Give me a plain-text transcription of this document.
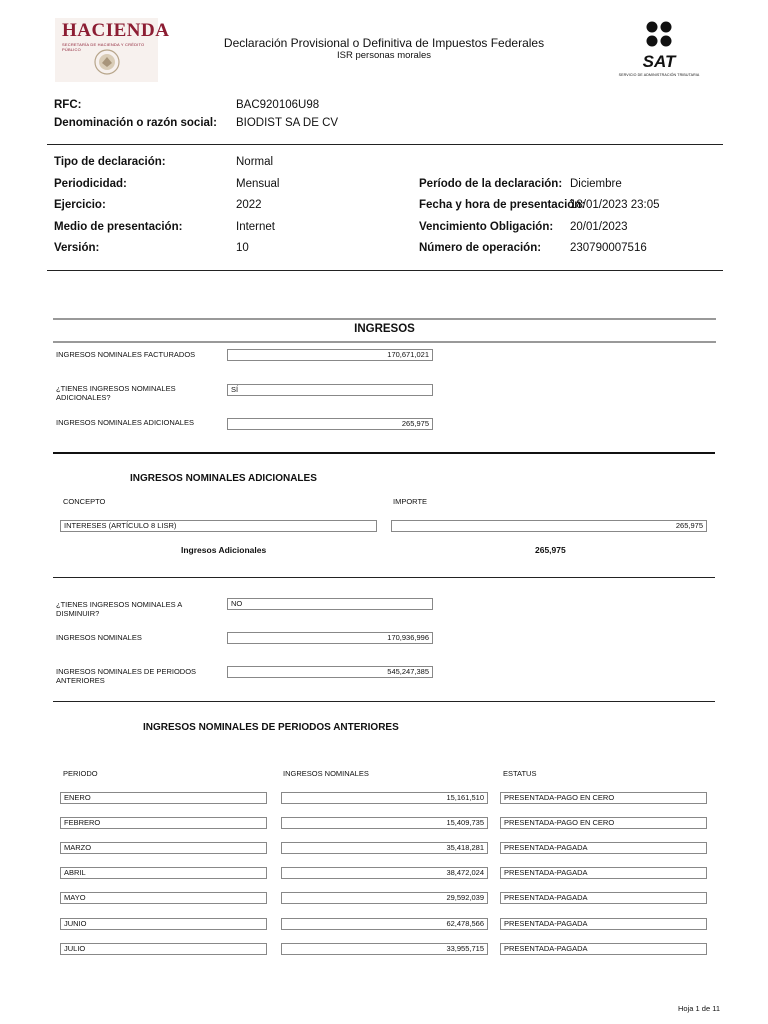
HACIENDA
SECRETARÍA DE HACIENDA Y CRÉDITO PÚBLICO	Declaración Provisional o Definitiva de Impuestos Federales
ISR personas morales	SAT
SERVICIO DE ADMINISTRACIÓN TRIBUTARIA
RFC:	BAC920106U98
Denominación o razón social: BIODIST SA DE CV
Tipo de declaración:	Normal
Periodicidad:	Mensual	Período de la declaración: Diciembre
Ejercicio:	2022	Fecha y hora de presentación:
18/01/2023 23:05
Medio de presentación:	Internet	Vencimiento Obligación: 20/01/2023
Versión:	10	Número de operación:	230790007516
INGRESOS
INGRESOS NOMINALES FACTURADOS	170,671,021
¿TIENES INGRESOS NOMINALES ADICIONALES?
SÍ
INGRESOS NOMINALES ADICIONALES	265,975
INGRESOS NOMINALES ADICIONALES
CONCEPTO	IMPORTE
INTERESES (ARTÍCULO 8 LISR)	265,975
Ingresos Adicionales	265,975
¿TIENES INGRESOS NOMINALES A DISMINUIR?
NO
INGRESOS NOMINALES	170,936,996
INGRESOS NOMINALES DE PERIODOS ANTERIORES
545,247,385
INGRESOS NOMINALES DE PERIODOS ANTERIORES
PERIODO	INGRESOS NOMINALES	ESTATUS
ENERO	15,161,510	PRESENTADA-PAGO EN CERO
FEBRERO	15,409,735	PRESENTADA-PAGO EN CERO
MARZO	35,418,281	PRESENTADA-PAGADA
ABRIL	38,472,024	PRESENTADA-PAGADA
MAYO	29,592,039	PRESENTADA-PAGADA
JUNIO	62,478,566	PRESENTADA-PAGADA
JULIO	33,955,715	PRESENTADA-PAGADA
Hoja 1 de 11
